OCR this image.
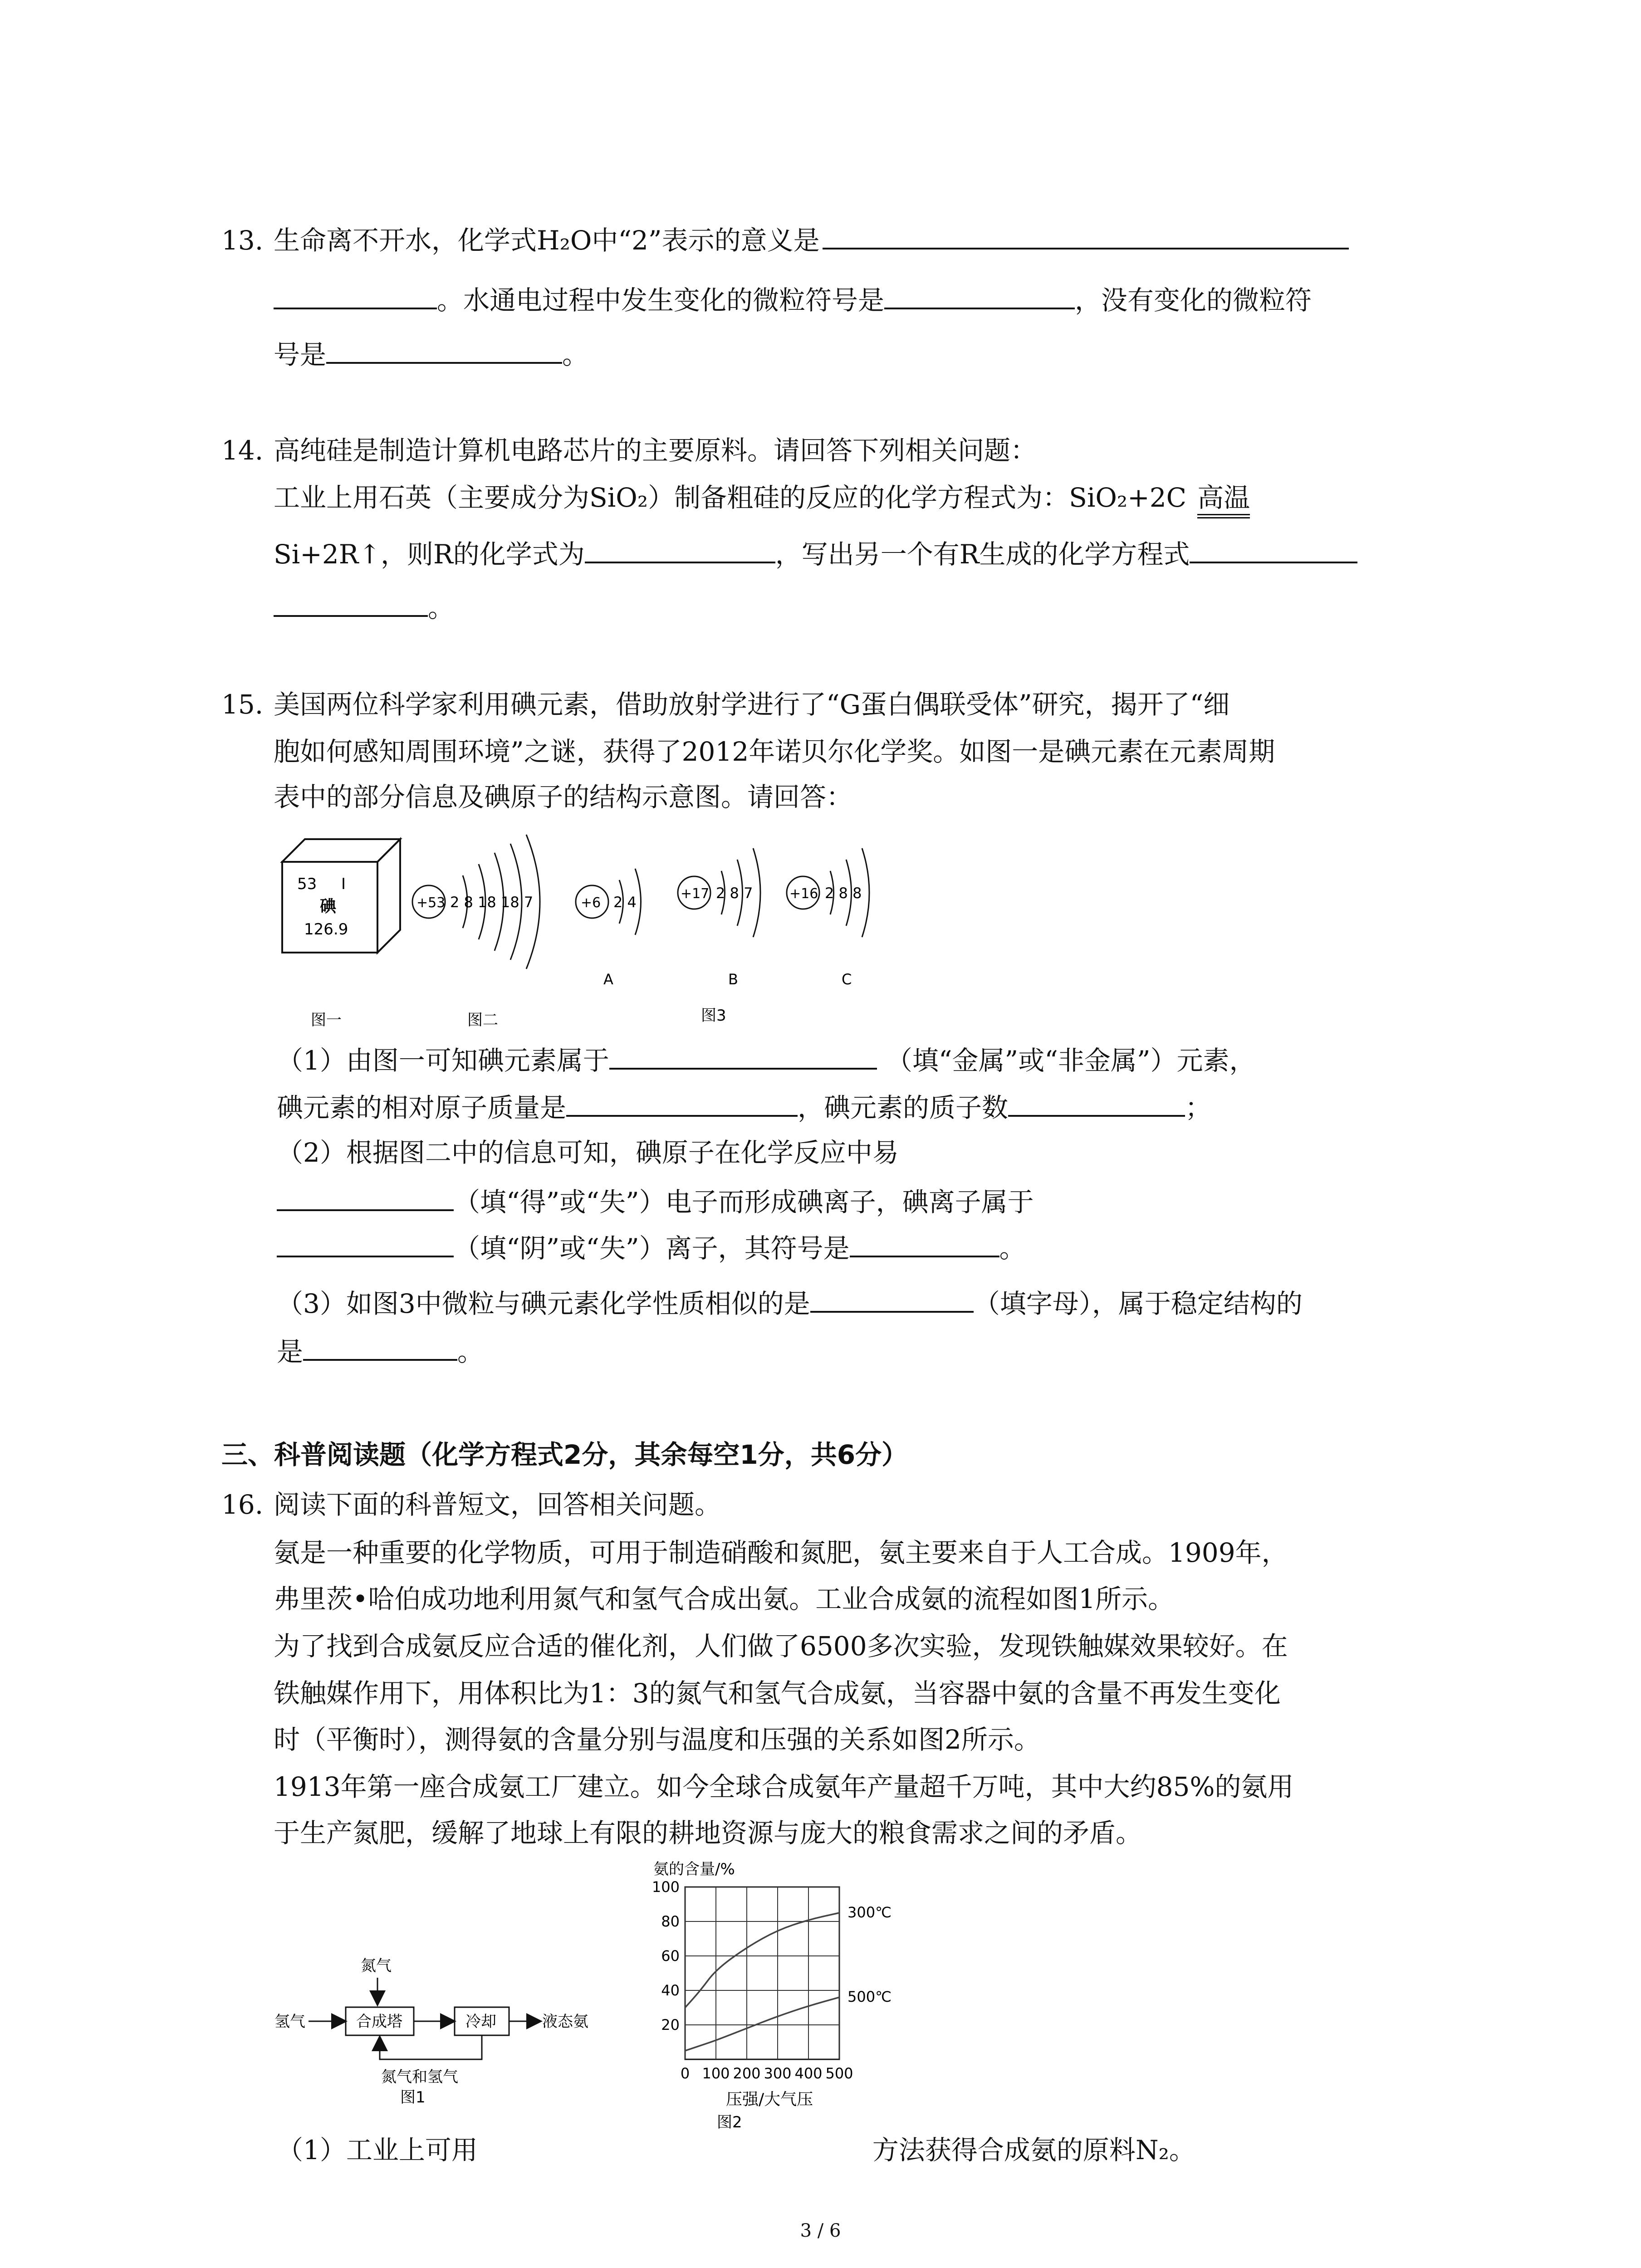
13. 生命离不开水，化学式H₂O中“2”表示的意义是
。水通电过程中发生变化的微粒符号是	，没有变化的微粒符
号是	。
14. 高纯硅是制造计算机电路芯片的主要原料。请回答下列相关问题：
工业上用石英（主要成分为SiO₂）制备粗硅的反应的化学方程式为：SiO₂+2C 高温
Si+2R↑，则R的化学式为	，写出另一个有R生成的化学方程式
。
15. 美国两位科学家利用碘元素，借助放射学进行了“G蛋白偶联受体”研究，揭开了“细
胞如何感知周围环境”之谜，获得了2012年诺贝尔化学奖。如图一是碘元素在元素周期
表中的部分信息及碘原子的结构示意图。请回答：
53 I
碘
126.9
+53 2 8 18 18 7	+6 2 4
A
+17 2 8 7
B
+16 2 8 8
C
图一	图二	图3
（1）由图一可知碘元素属于	（填“金属”或“非金属”）元素，
碘元素的相对原子质量是	，碘元素的质子数	；
（2）根据图二中的信息可知，碘原子在化学反应中易
（填“得”或“失”）电子而形成碘离子，碘离子属于
（填“阴”或“失”）离子，其符号是	。
（3）如图3中微粒与碘元素化学性质相似的是	（填字母），属于稳定结构的
是	。
三、科普阅读题（化学方程式2分，其余每空1分，共6分）
16. 阅读下面的科普短文，回答相关问题。
氨是一种重要的化学物质，可用于制造硝酸和氮肥，氨主要来自于人工合成。1909年，
弗里茨•哈伯成功地利用氮气和氢气合成出氨。工业合成氨的流程如图1所示。
为了找到合成氨反应合适的催化剂，人们做了6500多次实验，发现铁触媒效果较好。在
铁触媒作用下，用体积比为1：3的氮气和氢气合成氨，当容器中氨的含量不再发生变化
时（平衡时），测得氨的含量分别与温度和压强的关系如图2所示。
1913年第一座合成氨工厂建立。如今全球合成氨年产量超千万吨，其中大约85%的氨用
于生产氮肥，缓解了地球上有限的耕地资源与庞大的粮食需求之间的矛盾。
氮气
氢气	合成塔	冷却	液态氨
氮气和氢气
图1
0 100 200 300 400 500
20
40
60
80
100
300℃
500℃
氨的含量/%
压强/大气压
图2
（1）工业上可用	方法获得合成氨的原料N₂。
3 / 6
